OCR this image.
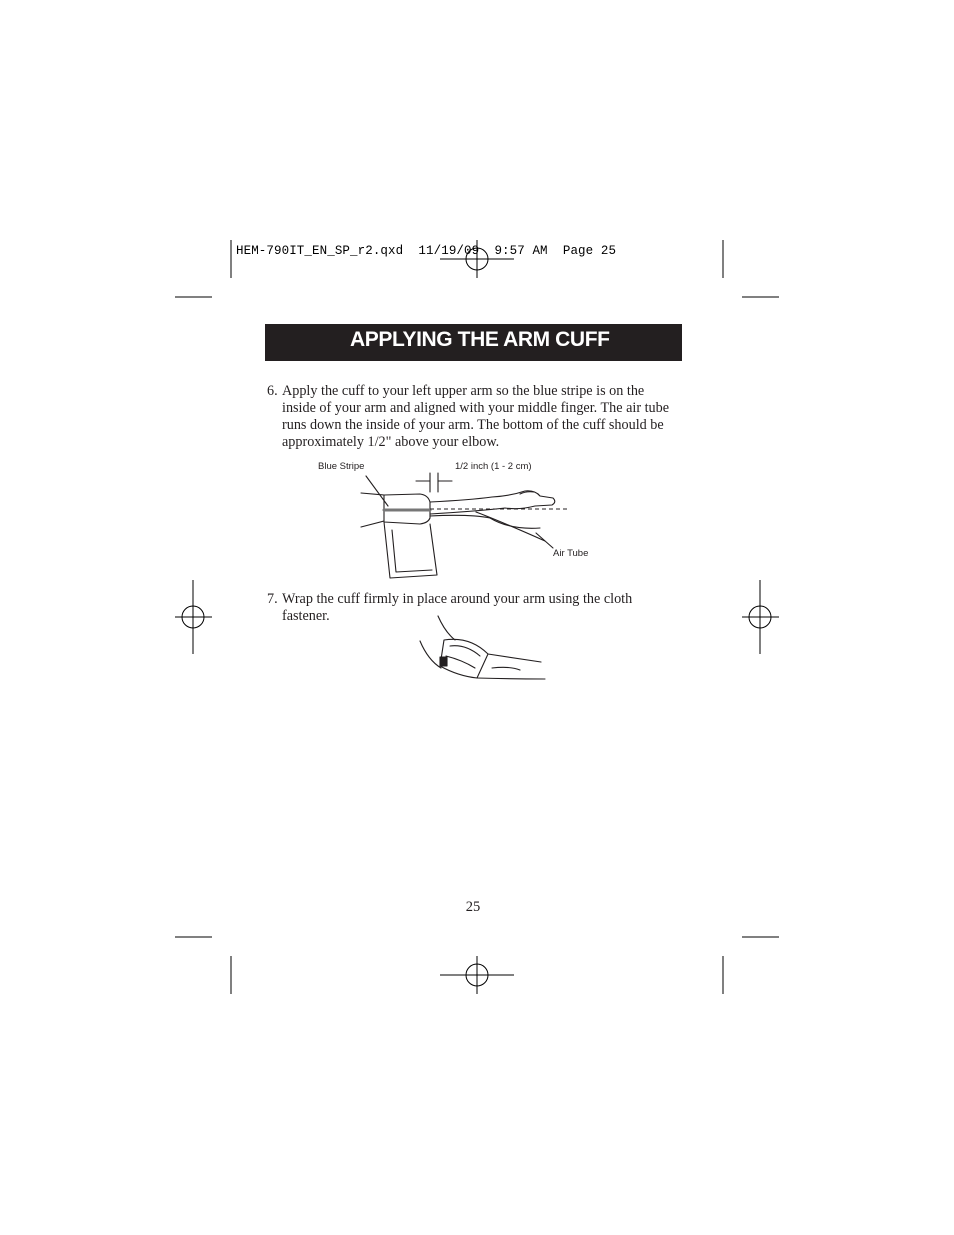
HEM-790IT_EN_SP_r2.qxd  11/19/09  9:57 AM  Page 25
APPLYING THE ARM CUFF
6. Apply the cuff to your left upper arm so the blue stripe is on the inside of your arm and aligned with your middle finger. The air tube runs down the inside of your arm. The bottom of the cuff should be approximately 1/2" above your elbow.
Blue Stripe	1/2 inch (1 - 2 cm)
Air Tube
7. Wrap the cuff firmly in place around your arm using the cloth fastener.
25
